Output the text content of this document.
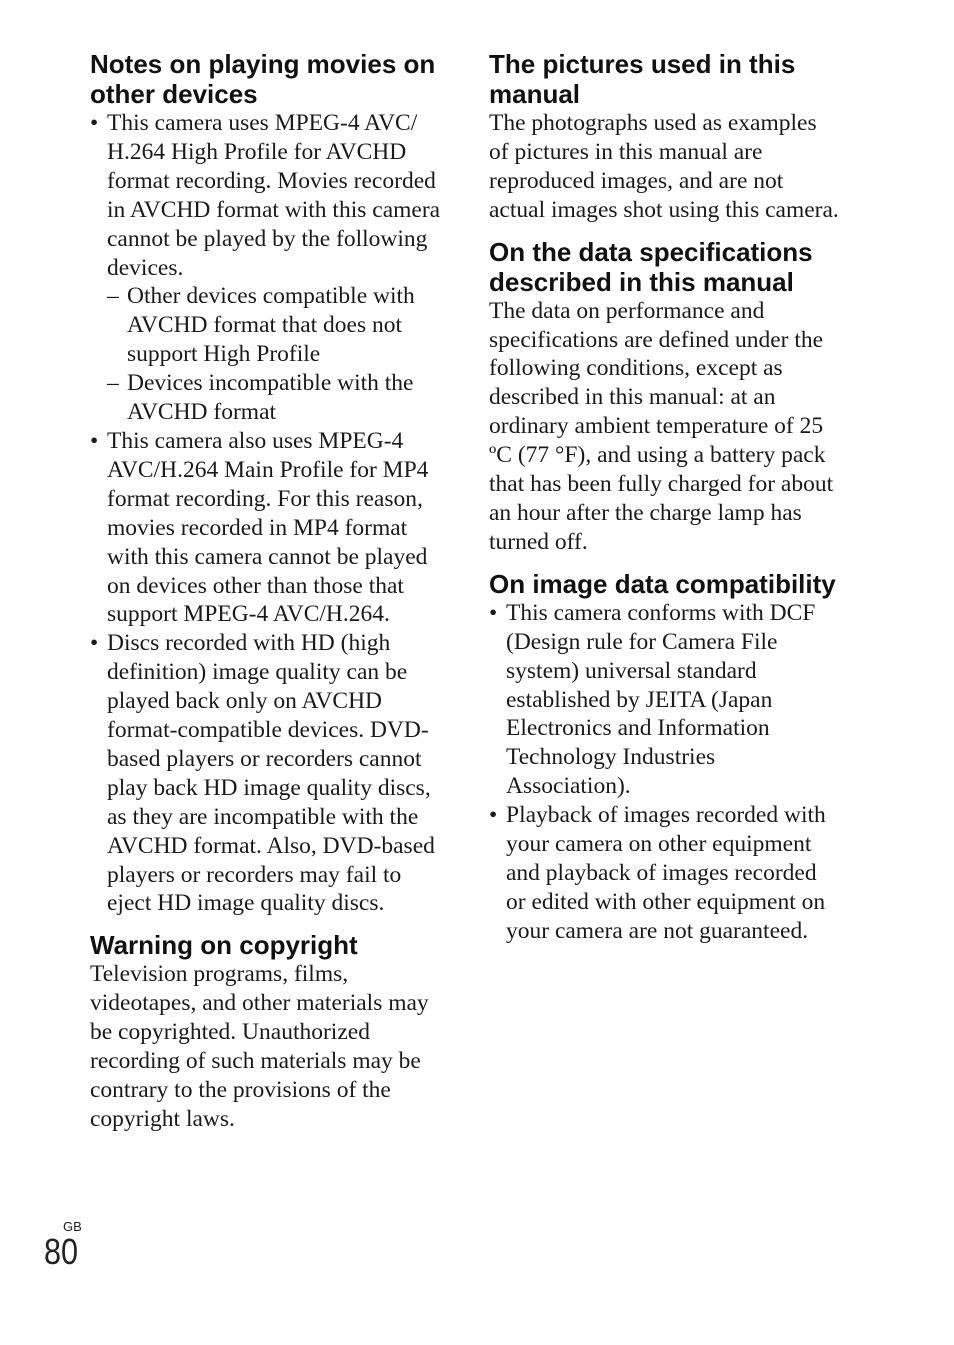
Notes on playing movies on other devices
• This camera uses MPEG-4 AVC/ H.264 High Profile for AVCHD format recording. Movies recorded in AVCHD format with this camera cannot be played by the following devices.
– Other devices compatible with AVCHD format that does not support High Profile
– Devices incompatible with the AVCHD format
• This camera also uses MPEG-4 AVC/H.264 Main Profile for MP4 format recording. For this reason, movies recorded in MP4 format with this camera cannot be played on devices other than those that support MPEG-4 AVC/H.264.
• Discs recorded with HD (high definition) image quality can be played back only on AVCHD format-compatible devices. DVD-based players or recorders cannot play back HD image quality discs, as they are incompatible with the AVCHD format. Also, DVD-based players or recorders may fail to eject HD image quality discs.
Warning on copyright

Television programs, films, videotapes, and other materials may be copyrighted. Unauthorized recording of such materials may be contrary to the provisions of the copyright laws.

The pictures used in this manual

The photographs used as examples of pictures in this manual are reproduced images, and are not actual images shot using this camera.

On the data specifications described in this manual

The data on performance and specifications are defined under the following conditions, except as described in this manual: at an ordinary ambient temperature of 25 ºC (77 °F), and using a battery pack that has been fully charged for about an hour after the charge lamp has turned off.

On image data compatibility
• This camera conforms with DCF (Design rule for Camera File system) universal standard established by JEITA (Japan Electronics and Information Technology Industries Association).
• Playback of images recorded with your camera on other equipment and playback of images recorded or edited with other equipment on your camera are not guaranteed.
GB
80
